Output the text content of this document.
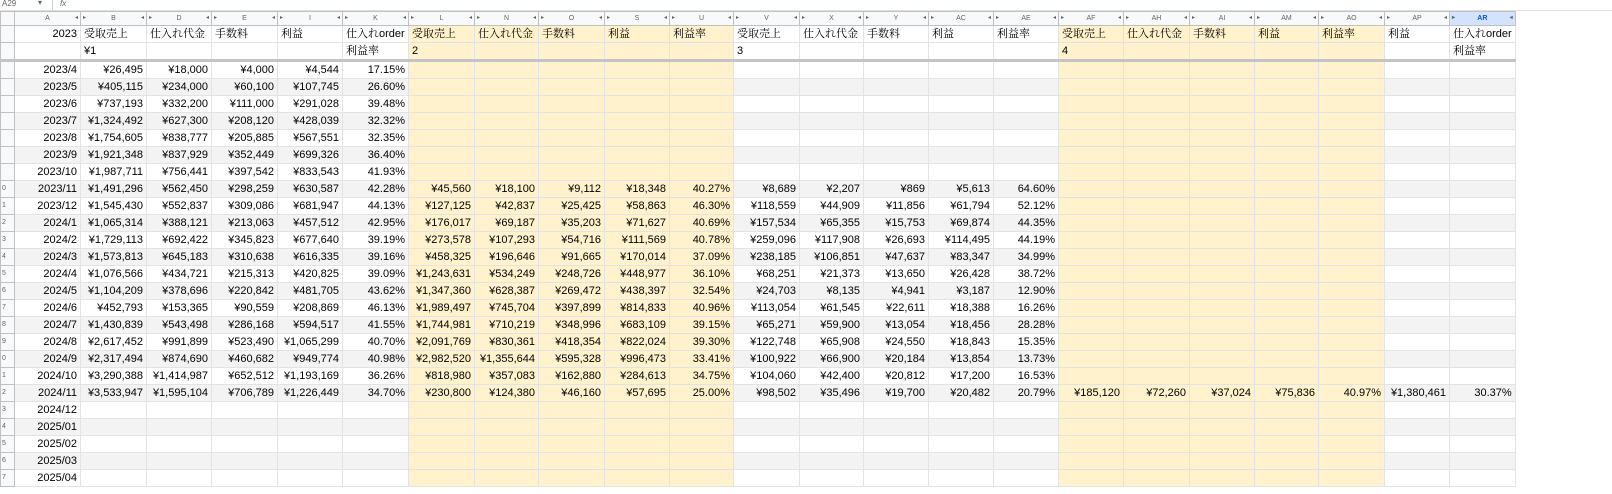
A29	▾ fx
	A ◂	B
▸ ◂	D
▸ ◂	E
▸ ◂	I
▸ ◂	K
▸ ◂	L
▸ ◂	N
▸ ◂	O
▸ ◂	S
▸ ◂	U
▸ ◂	V
▸ ◂	X
▸ ◂	Y
▸ ◂	AC
▸ ◂	AE
▸ ◂	AF
▸ ◂	AH
▸ ◂	AI
▸ ◂	AM
▸ ◂	AO
▸ ◂	AP
▸ ◂	AR
▸ ◂

	2023	受取売上	仕入れ代金	手数料	利益	仕入れorder	受取売上	仕入れ代金	手数料	利益	利益率	受取売上	仕入れ代金	手数料	利益	利益率	受取売上	仕入れ代金	手数料	利益	利益率	利益	仕入れorder
		¥1				利益率	2					3					4						利益率
	2023/4	¥26,495	¥18,000	¥4,000	¥4,544	17.15%																	
	2023/5	¥405,115	¥234,000	¥60,100	¥107,745	26.60%																	
	2023/6	¥737,193	¥332,200	¥111,000	¥291,028	39.48%																	
	2023/7	¥1,324,492	¥627,300	¥208,120	¥428,039	32.32%																	
	2023/8	¥1,754,605	¥838,777	¥205,885	¥567,551	32.35%																	
	2023/9	¥1,921,348	¥837,929	¥352,449	¥699,326	36.40%																	
	2023/10	¥1,987,711	¥756,441	¥397,542	¥833,543	41.93%																	
0	2023/11	¥1,491,296	¥562,450	¥298,259	¥630,587	42.28%	¥45,560	¥18,100	¥9,112	¥18,348	40.27%	¥8,689	¥2,207	¥869	¥5,613	64.60%							
1	2023/12	¥1,545,430	¥552,837	¥309,086	¥681,947	44.13%	¥127,125	¥42,837	¥25,425	¥58,863	46.30%	¥118,559	¥44,909	¥11,856	¥61,794	52.12%							
2	2024/1	¥1,065,314	¥388,121	¥213,063	¥457,512	42.95%	¥176,017	¥69,187	¥35,203	¥71,627	40.69%	¥157,534	¥65,355	¥15,753	¥69,874	44.35%							
3	2024/2	¥1,729,113	¥692,422	¥345,823	¥677,640	39.19%	¥273,578	¥107,293	¥54,716	¥111,569	40.78%	¥259,096	¥117,908	¥26,693	¥114,495	44.19%							
4	2024/3	¥1,573,813	¥645,183	¥310,638	¥616,335	39.16%	¥458,325	¥196,646	¥91,665	¥170,014	37.09%	¥238,185	¥106,851	¥47,637	¥83,347	34.99%							
5	2024/4	¥1,076,566	¥434,721	¥215,313	¥420,825	39.09%	¥1,243,631	¥534,249	¥248,726	¥448,977	36.10%	¥68,251	¥21,373	¥13,650	¥26,428	38.72%							
6	2024/5	¥1,104,209	¥378,696	¥220,842	¥481,705	43.62%	¥1,347,360	¥628,387	¥269,472	¥438,397	32.54%	¥24,703	¥8,135	¥4,941	¥3,187	12.90%							
7	2024/6	¥452,793	¥153,365	¥90,559	¥208,869	46.13%	¥1,989,497	¥745,704	¥397,899	¥814,833	40.96%	¥113,054	¥61,545	¥22,611	¥18,388	16.26%							
8	2024/7	¥1,430,839	¥543,498	¥286,168	¥594,517	41.55%	¥1,744,981	¥710,219	¥348,996	¥683,109	39.15%	¥65,271	¥59,900	¥13,054	¥18,456	28.28%							
9	2024/8	¥2,617,452	¥991,899	¥523,490	¥1,065,299	40.70%	¥2,091,769	¥830,361	¥418,354	¥822,024	39.30%	¥122,748	¥65,908	¥24,550	¥18,843	15.35%							
0	2024/9	¥2,317,494	¥874,690	¥460,682	¥949,774	40.98%	¥2,982,520	¥1,355,644	¥595,328	¥996,473	33.41%	¥100,922	¥66,900	¥20,184	¥13,854	13.73%							
1	2024/10	¥3,290,388	¥1,414,987	¥652,512	¥1,193,169	36.26%	¥818,980	¥357,083	¥162,880	¥284,613	34.75%	¥104,060	¥42,400	¥20,812	¥17,200	16.53%							
2	2024/11	¥3,533,947	¥1,595,104	¥706,789	¥1,226,449	34.70%	¥230,800	¥124,380	¥46,160	¥57,695	25.00%	¥98,502	¥35,496	¥19,700	¥20,482	20.79%	¥185,120	¥72,260	¥37,024	¥75,836	40.97%	¥1,380,461	30.37%
3	2024/12																						
4	2025/01																						
5	2025/02																						
6	2025/03																						
7	2025/04																						
